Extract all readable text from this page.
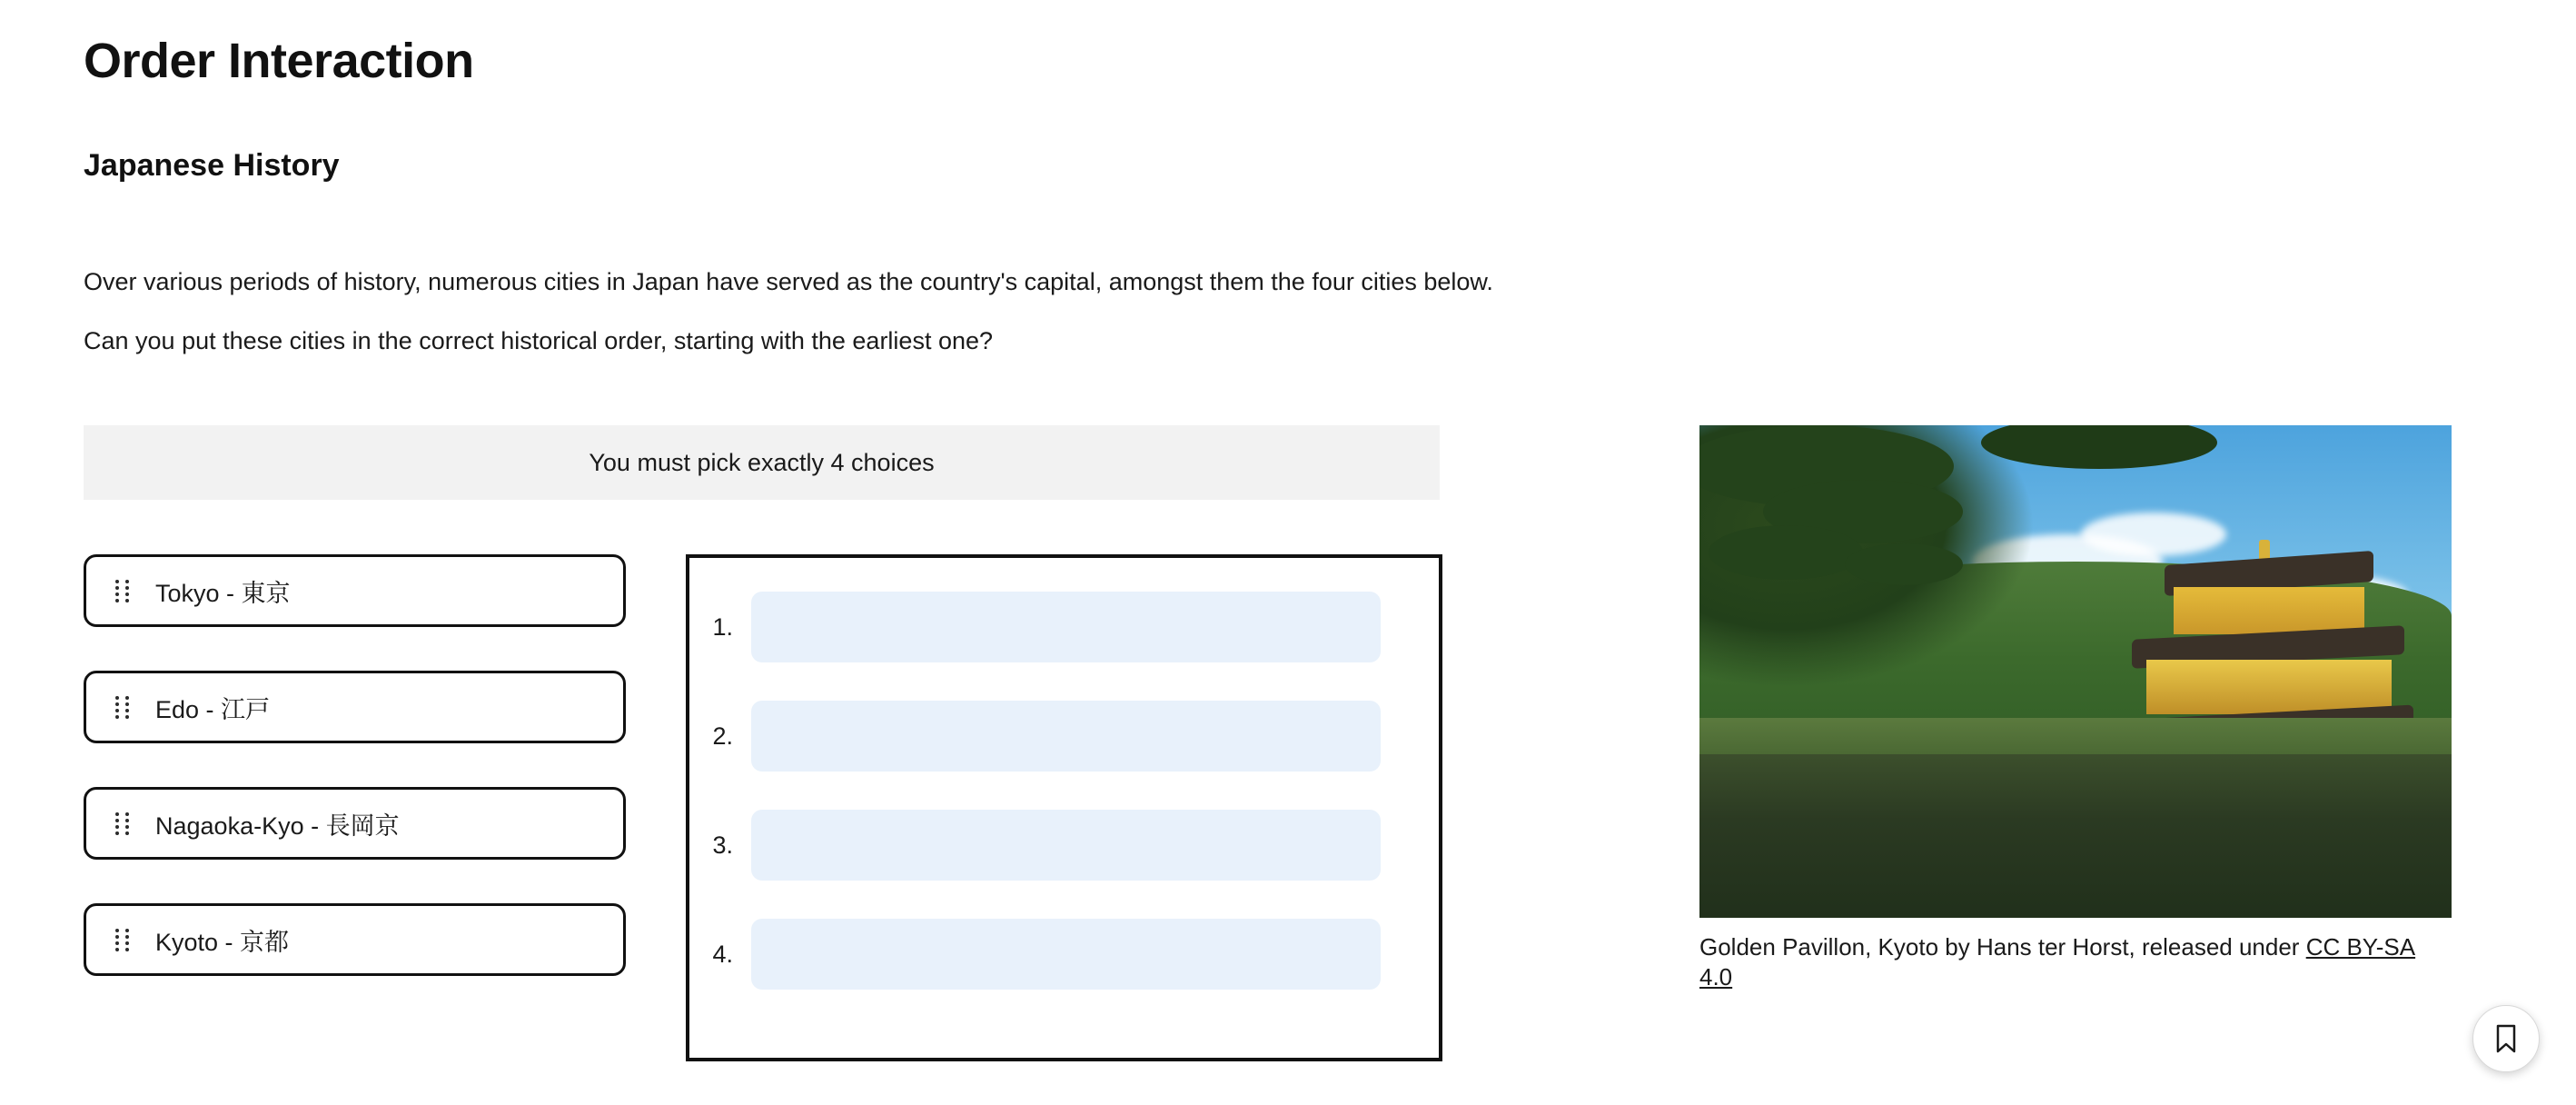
Order Interaction
Japanese History

Over various periods of history, numerous cities in Japan have served as the country's capital, amongst them the four cities below.

Can you put these cities in the correct historical order, starting with the earliest one?

You must pick exactly 4 choices
Tokyo - 東京
Edo - 江戸
Nagaoka-Kyo - 長岡京
Kyoto - 京都
1.
2.
3.
4.	Golden Pavillon, Kyoto by Hans ter Horst, released under CC BY-SA 4.0
